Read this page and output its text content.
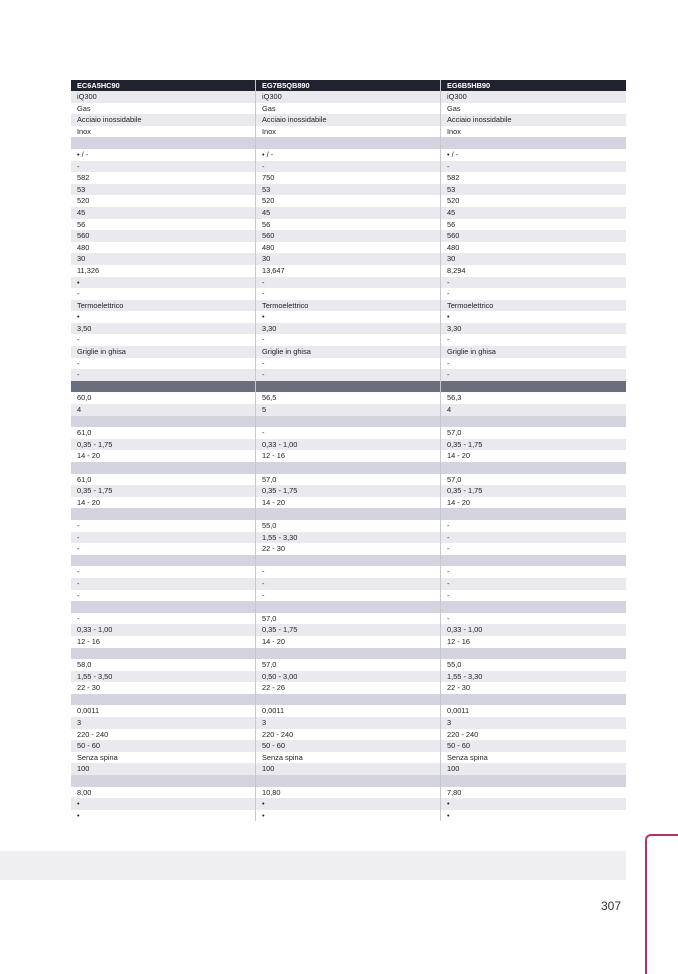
EC6A5HC90	EG7B5QB890	EG6B5HB90
iQ300	iQ300	iQ300
Gas	Gas	Gas
Acciaio inossidabile	Acciaio inossidabile	Acciaio inossidabile
Inox	Inox	Inox
• / -	• / -	• / -
-	-	-
582	750	582
53	53	53
520	520	520
45	45	45
56	56	56
560	560	560
480	480	480
30	30	30
11,326	13,647	8,294
•	-	-
-	-	-
Termoelettrico	Termoelettrico	Termoelettrico
•	•	•
3,50	3,30	3,30
-	-	-
Griglie in ghisa	Griglie in ghisa	Griglie in ghisa
-	-	-
-	-	-
60,0	56,5	56,3
4	5	4
61,0	-	57,0
0,35 - 1,75	0,33 - 1,00	0,35 - 1,75
14 - 20	12 - 16	14 - 20
61,0	57,0	57,0
0,35 - 1,75	0,35 - 1,75	0,35 - 1,75
14 - 20	14 - 20	14 - 20
-	55,0	-
-	1,55 - 3,30	-
-	22 - 30	-
-	-	-
-	-	-
-	-	-
-	57,0	-
0,33 - 1,00	0,35 - 1,75	0,33 - 1,00
12 - 16	14 - 20	12 - 16
58,0	57,0	55,0
1,55 - 3,50	0,50 - 3,00	1,55 - 3,30
22 - 30	22 - 26	22 - 30
0,0011	0,0011	0,0011
3	3	3
220 - 240	220 - 240	220 - 240
50 - 60	50 - 60	50 - 60
Senza spina	Senza spina	Senza spina
100	100	100
8,00	10,80	7,80
•	•	•
•	•	•
307
